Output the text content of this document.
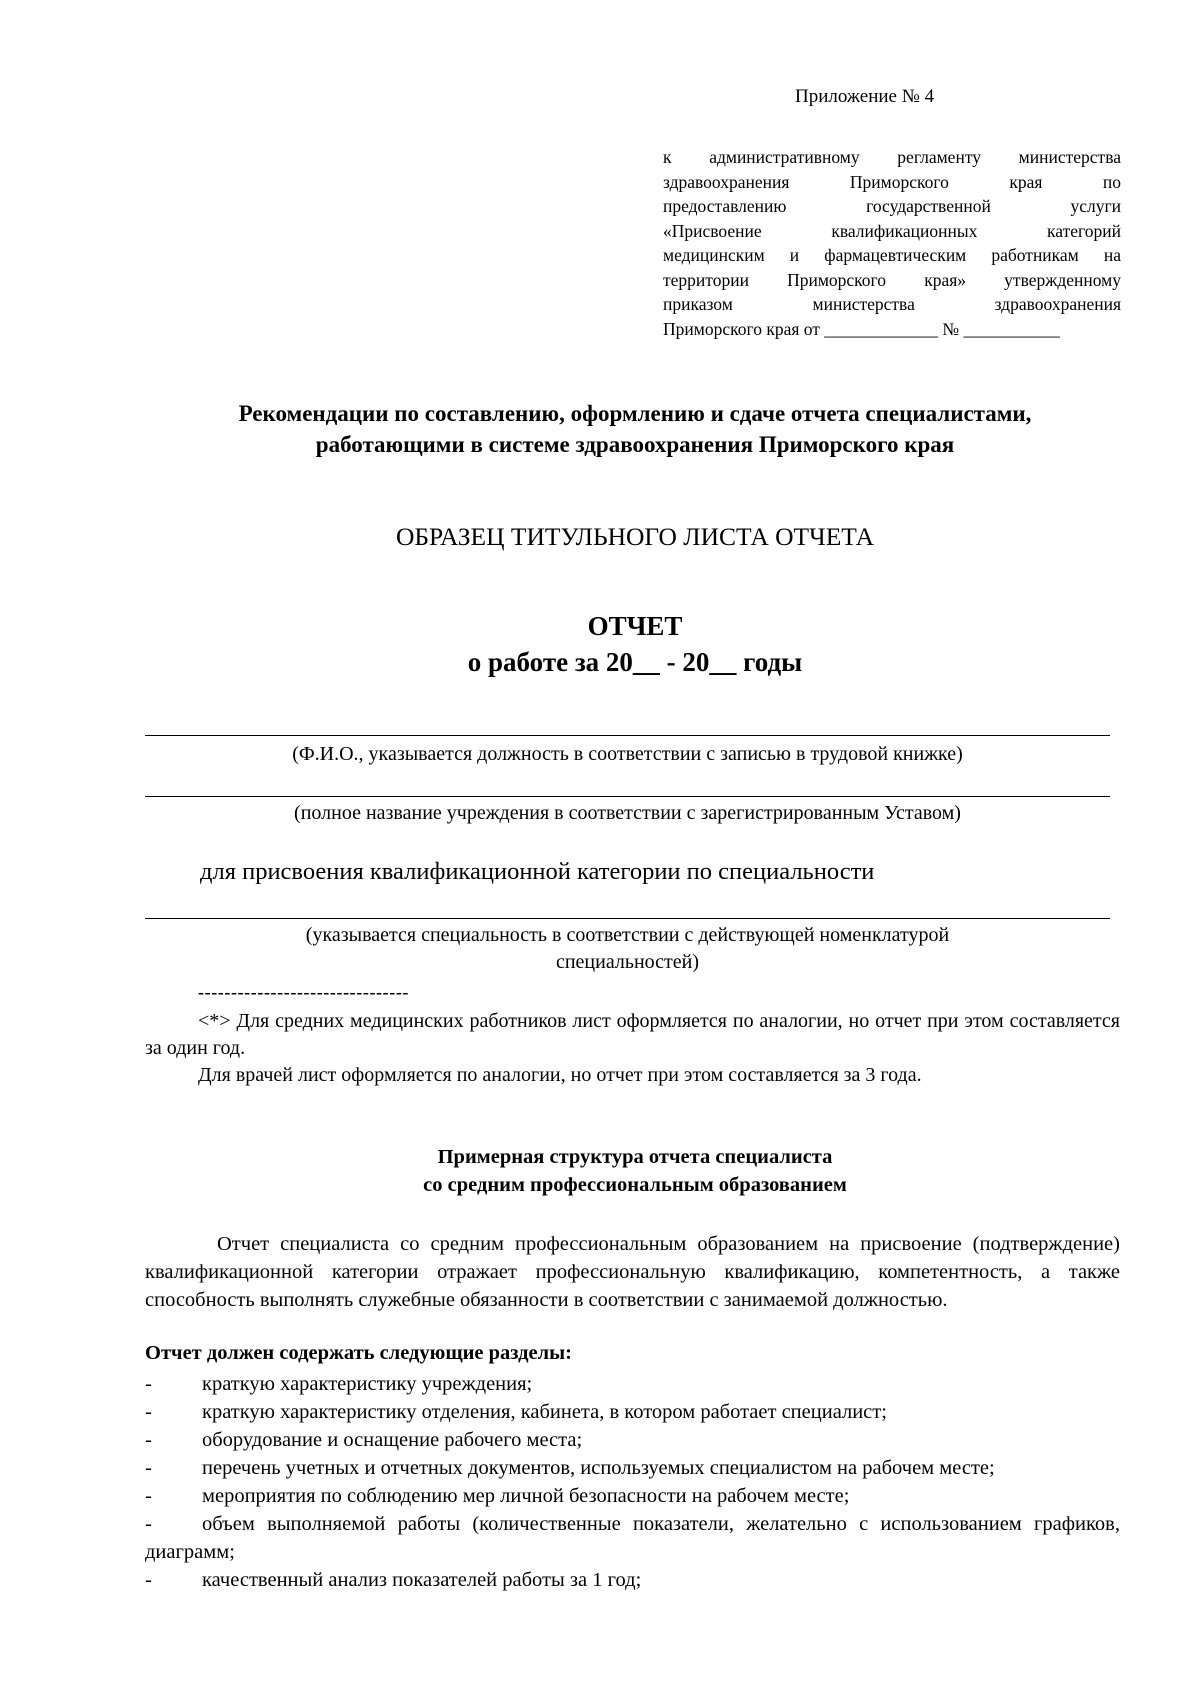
Приложение № 4
к административному регламенту министерства
здравоохранения Приморского края по
предоставлению государственной услуги
«Присвоение квалификационных категорий
медицинским и фармацевтическим работникам на
территории Приморского края» утвержденному
приказом министерства здравоохранения
Приморского края от _____________ № ___________
Рекомендации по составлению, оформлению и сдаче отчета специалистами,
работающими в системе здравоохранения Приморского края
ОБРАЗЕЦ ТИТУЛЬНОГО ЛИСТА ОТЧЕТА
ОТЧЕТ
о работе за 20__ - 20__ годы
(Ф.И.О., указывается должность в соответствии с записью в трудовой книжке)
(полное название учреждения в соответствии с зарегистрированным Уставом)
для присвоения квалификационной категории по специальности
(указывается специальность в соответствии с действующей номенклатурой
специальностей)
--------------------------------
<*> Для средних медицинских работников лист оформляется по аналогии, но отчет при этом составляется за один год.
Для врачей лист оформляется по аналогии, но отчет при этом составляется за 3 года.
Примерная структура отчета специалиста
со средним профессиональным образованием
Отчет специалиста со средним профессиональным образованием на присвоение (подтверждение) квалификационной категории отражает профессиональную квалификацию, компетентность, а также способность выполнять служебные обязанности в соответствии с занимаемой должностью.
Отчет должен содержать следующие разделы:
- краткую характеристику учреждения;
- краткую характеристику отделения, кабинета, в котором работает специалист;
- оборудование и оснащение рабочего места;
- перечень учетных и отчетных документов, используемых специалистом на рабочем месте;
- мероприятия по соблюдению мер личной безопасности на рабочем месте;
- объем выполняемой работы (количественные показатели, желательно с использованием графиков, диаграмм;
- качественный анализ показателей работы за 1 год;
